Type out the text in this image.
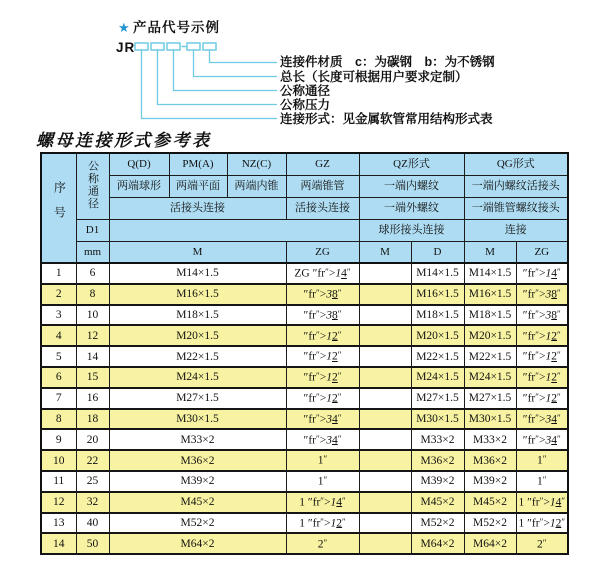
★ 产品代号示例
JR
连接件材质　c：为碳钢　b：为不锈钢
总长（长度可根据用户要求定制）
公称通径
公称压力
连接形式：见金属软管常用结构形式表
螺母连接形式参考表
序号	公称通径	Q(D)	PM(A)	NZ(C)	GZ	QZ形式		QG形式	
		两端球形	两端平面	两端内锥	两端锥管	一端内螺纹		一端内螺纹活接头	
		活接头连接			活接头连接	一端外螺纹		一端锥管螺纹接头	
	D1					球形接头连接		连接	
	mm	M			ZG	M	D	M	ZG
1	6	M14×1.5			ZG ″fr″>14″		M14×1.5	M14×1.5	″fr″>14″
2	8	M16×1.5			″fr″>38″		M16×1.5	M16×1.5	″fr″>38″
3	10	M18×1.5			″fr″>38″		M18×1.5	M18×1.5	″fr″>38″
4	12	M20×1.5			″fr″>12″		M20×1.5	M20×1.5	″fr″>12″
5	14	M22×1.5			″fr″>12″		M22×1.5	M22×1.5	″fr″>12″
6	15	M24×1.5			″fr″>12″		M24×1.5	M24×1.5	″fr″>12″
7	16	M27×1.5			″fr″>12″		M27×1.5	M27×1.5	″fr″>12″
8	18	M30×1.5			″fr″>34″		M30×1.5	M30×1.5	″fr″>34″
9	20	M33×2			″fr″>34″		M33×2	M33×2	″fr″>34″
10	22	M36×2			1″		M36×2	M36×2	1″
11	25	M39×2			1″		M39×2	M39×2	1″
12	32	M45×2			1 ″fr″>14″		M45×2	M45×2	1 ″fr″>14″
13	40	M52×2			1 ″fr″>12″		M52×2	M52×2	1 ″fr″>12″
14	50	M64×2			2″		M64×2	M64×2	2″
